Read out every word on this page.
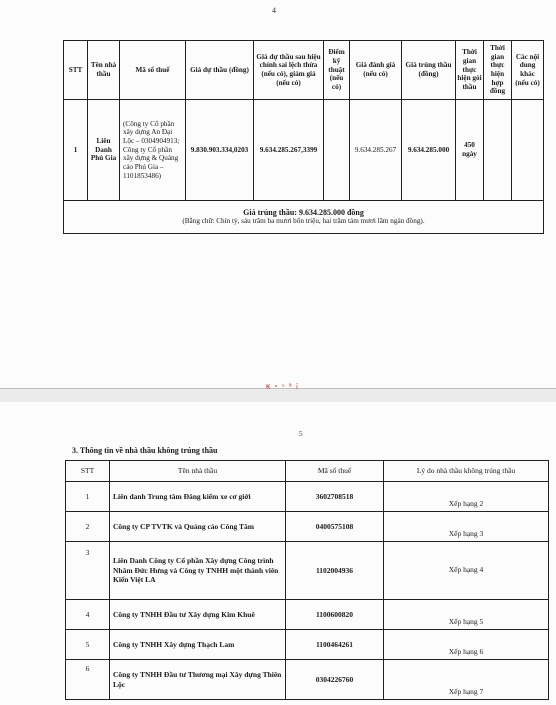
4
STT	Tên nhà thầu	Mã số thuế	Giá dự thầu (đồng)	Giá dự thầu sau hiệu chỉnh sai lệch thừa (nếu có), giảm giá (nếu có)	Điểm kỹ thuật (nếu có)	Giá đánh giá (nếu có)	Giá trúng thầu (đồng)	Thời gian thực hiện gói thầu	Thời gian thực hiện hợp đồng	Các nội dung khác (nếu có)
1	Liên Danh Phú Gia	(Công ty Cổ phần xây dựng An Đại Lộc – 0304904913; Công ty Cổ phần xây dựng & Quảng cáo Phú Gia – 1101853486)	9.830.903.334,0203	9.634.285.267,3399		9.634.285.267	9.634.285.000	450 ngày		

Giá trúng thầu: 9.634.285.000 đồng
(Bằng chữ: Chín tỷ, sáu trăm ba mươi bốn triệu, hai trăm tám mươi lăm ngàn đồng).										
₭ ॰ ᵒ ᵃ̃ ı̈
5
3. Thông tin về nhà thầu không trúng thầu
STT	Tên nhà thầu	Mã số thuế	Lý do nhà thầu không trúng thầu
1	Liên danh Trung tâm Đăng kiểm xe cơ giới	3602708518	Xếp hạng 2
2	Công ty CP TVTK và Quảng cáo Công Tâm	0400575108	Xếp hạng 3
3	Liên Danh Công ty Cổ phần Xây dựng Công trình Nhâm Đức Hưng và Công ty TNHH một thành viên Kiến Việt LA	1102004936	Xếp hạng 4
4	Công ty TNHH Đầu tư Xây dựng Kim Khuê	1100600820	Xếp hạng 5
5	Công ty TNHH Xây dựng Thạch Lam	1100464261	Xếp hạng 6
6	Công ty TNHH Đầu tư Thương mại Xây dựng Thiên Lộc	0304226760	Xếp hạng 7
